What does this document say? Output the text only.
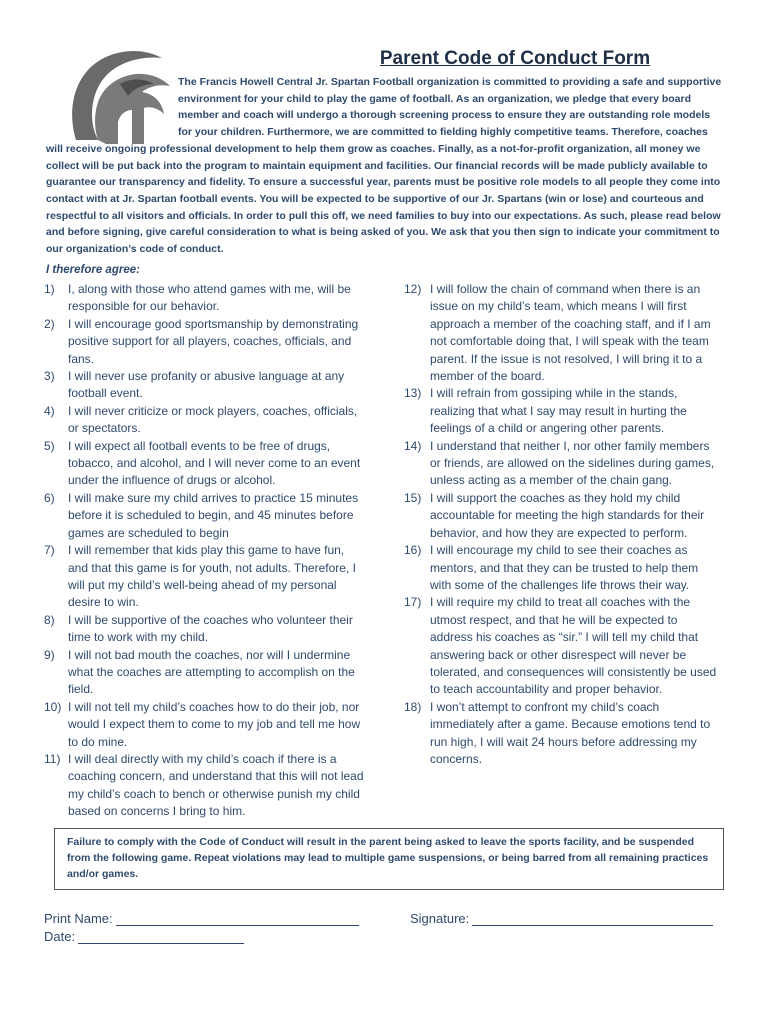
Parent Code of Conduct Form
The Francis Howell Central Jr. Spartan Football organization is committed to providing a safe and supportive environment for your child to play the game of football. As an organization, we pledge that every board member and coach will undergo a thorough screening process to ensure they are outstanding role models for your children. Furthermore, we are committed to fielding highly competitive teams. Therefore, coaches will receive ongoing professional development to help them grow as coaches. Finally, as a not-for-profit organization, all money we collect will be put back into the program to maintain equipment and facilities. Our financial records will be made publicly available to guarantee our transparency and fidelity. To ensure a successful year, parents must be positive role models to all people they come into contact with at Jr. Spartan football events. You will be expected to be supportive of our Jr. Spartans (win or lose) and courteous and respectful to all visitors and officials. In order to pull this off, we need families to buy into our expectations. As such, please read below and before signing, give careful consideration to what is being asked of you. We ask that you then sign to indicate your commitment to our organization’s code of conduct.
I therefore agree:
1)	I, along with those who attend games with me, will be responsible for our behavior.
2)	I will encourage good sportsmanship by demonstrating positive support for all players, coaches, officials, and fans.
3)	I will never use profanity or abusive language at any football event.
4)	I will never criticize or mock players, coaches, officials, or spectators.
5)	I will expect all football events to be free of drugs, tobacco, and alcohol, and I will never come to an event under the influence of drugs or alcohol.
6)	I will make sure my child arrives to practice 15 minutes before it is scheduled to begin, and 45 minutes before games are scheduled to begin
7)	I will remember that kids play this game to have fun, and that this game is for youth, not adults. Therefore, I will put my child’s well-being ahead of my personal desire to win.
8)	I will be supportive of the coaches who volunteer their time to work with my child.
9)	I will not bad mouth the coaches, nor will I undermine what the coaches are attempting to accomplish on the field.
10) I will not tell my child’s coaches how to do their job, nor would I expect them to come to my job and tell me how to do mine.
11) I will deal directly with my child’s coach if there is a coaching concern, and understand that this will not lead my child’s coach to bench or otherwise punish my child based on concerns I bring to him.
12) I will follow the chain of command when there is an issue on my child’s team, which means I will first approach a member of the coaching staff, and if I am not comfortable doing that, I will speak with the team parent. If the issue is not resolved, I will bring it to a member of the board.
13) I will refrain from gossiping while in the stands, realizing that what I say may result in hurting the feelings of a child or angering other parents.
14) I understand that neither I, nor other family members or friends, are allowed on the sidelines during games, unless acting as a member of the chain gang.
15) I will support the coaches as they hold my child accountable for meeting the high standards for their behavior, and how they are expected to perform.
16) I will encourage my child to see their coaches as mentors, and that they can be trusted to help them with some of the challenges life throws their way.
17) I will require my child to treat all coaches with the utmost respect, and that he will be expected to address his coaches as “sir.” I will tell my child that answering back or other disrespect will never be tolerated, and consequences will consistently be used to teach accountability and proper behavior.
18) I won’t attempt to confront my child’s coach immediately after a game. Because emotions tend to run high, I will wait 24 hours before addressing my concerns.
Failure to comply with the Code of Conduct will result in the parent being asked to leave the sports facility, and be suspended from the following game. Repeat violations may lead to multiple game suspensions, or being barred from all remaining practices and/or games.
Print Name:	Signature:
Date:
